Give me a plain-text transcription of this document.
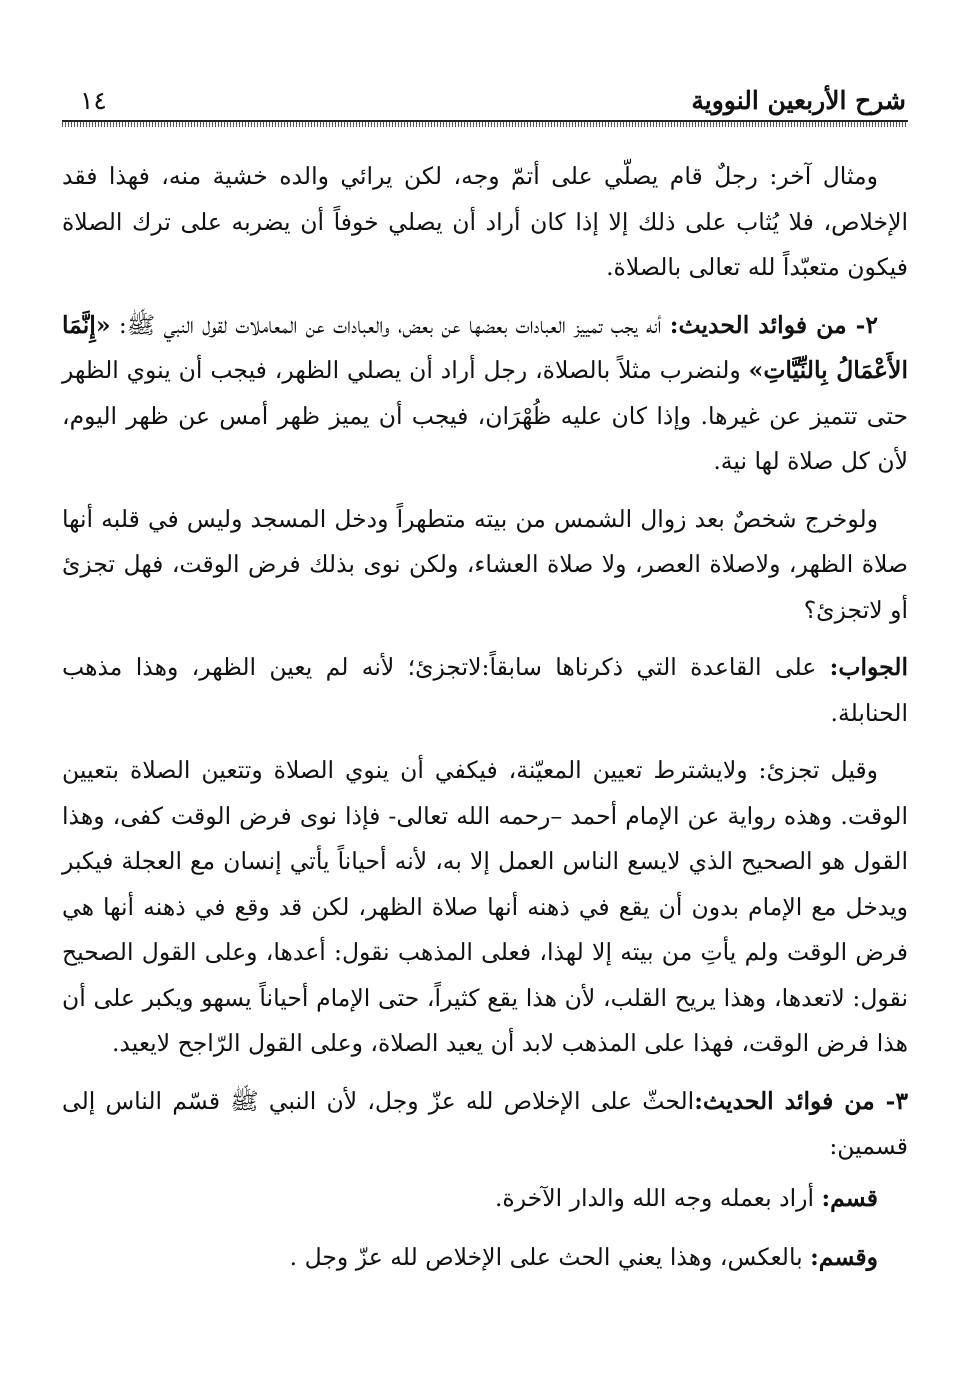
شرح الأربعين النووية
١٤

ومثال آخر: رجلٌ قام يصلّي على أتمّ وجه، لكن يرائي والده خشية منه، فهذا فقد الإخلاص، فلا يُثاب على ذلك إلا إذا كان أراد أن يصلي خوفاً أن يضربه على ترك الصلاة فيكون متعبّداً لله تعالى بالصلاة.

٢- من فوائد الحديث: أنه يجب تمييز العبادات بعضها عن بعض، والعبادات عن المعاملات لقول النبي ﷺ: «إِنَّمَا الأَعْمَالُ بِالنِّيَّاتِ» ولنضرب مثلاً بالصلاة، رجل أراد أن يصلي الظهر، فيجب أن ينوي الظهر حتى تتميز عن غيرها. وإذا كان عليه ظُهْرَان، فيجب أن يميز ظهر أمس عن ظهر اليوم، لأن كل صلاة لها نية.

ولوخرج شخصٌ بعد زوال الشمس من بيته متطهراً ودخل المسجد وليس في قلبه أنها صلاة الظهر، ولاصلاة العصر، ولا صلاة العشاء، ولكن نوى بذلك فرض الوقت، فهل تجزئ أو لاتجزئ؟

الجواب: على القاعدة التي ذكرناها سابقاً:لاتجزئ؛ لأنه لم يعين الظهر، وهذا مذهب الحنابلة.

وقيل تجزئ: ولايشترط تعيين المعيّنة، فيكفي أن ينوي الصلاة وتتعين الصلاة بتعيين الوقت. وهذه رواية عن الإمام أحمد –رحمه الله تعالى- فإذا نوى فرض الوقت كفى، وهذا القول هو الصحيح الذي لايسع الناس العمل إلا به، لأنه أحياناً يأتي إنسان مع العجلة فيكبر ويدخل مع الإمام بدون أن يقع في ذهنه أنها صلاة الظهر، لكن قد وقع في ذهنه أنها هي فرض الوقت ولم يأتِ من بيته إلا لهذا، فعلى المذهب نقول: أعدها، وعلى القول الصحيح نقول: لاتعدها، وهذا يريح القلب، لأن هذا يقع كثيراً، حتى الإمام أحياناً يسهو ويكبر على أن هذا فرض الوقت، فهذا على المذهب لابد أن يعيد الصلاة، وعلى القول الرّاجح لايعيد.

٣- من فوائد الحديث:الحثّ على الإخلاص لله عزّ وجل، لأن النبي ﷺ قسّم الناس إلى قسمين:

قسم: أراد بعمله وجه الله والدار الآخرة.
وقسم: بالعكس، وهذا يعني الحث على الإخلاص لله عزّ وجل .
